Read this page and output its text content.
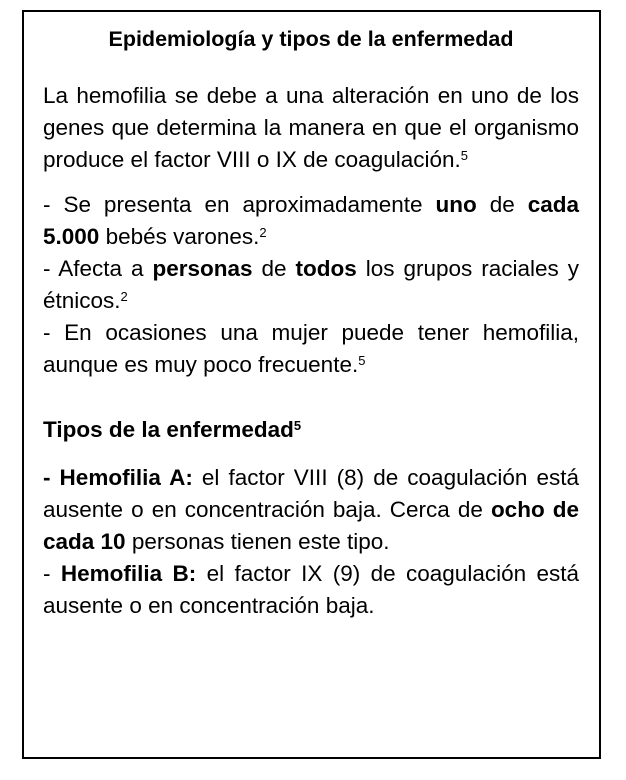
Epidemiología y tipos de la enfermedad

La hemofilia se debe a una alteración en uno de los genes que determina la manera en que el organismo produce el factor VIII o IX de coagulación.$^5$

- Se presenta en aproximadamente uno de cada 5.000 bebés varones.$^2$
- Afecta a personas de todos los grupos raciales y étnicos.$^2$
- En ocasiones una mujer puede tener hemofilia, aunque es muy poco frecuente.$^5$

Tipos de la enfermedad$^5$

- Hemofilia A: el factor VIII (8) de coagulación está ausente o en concentración baja. Cerca de ocho de cada 10 personas tienen este tipo.
- Hemofilia B: el factor IX (9) de coagulación está ausente o en concentración baja.
